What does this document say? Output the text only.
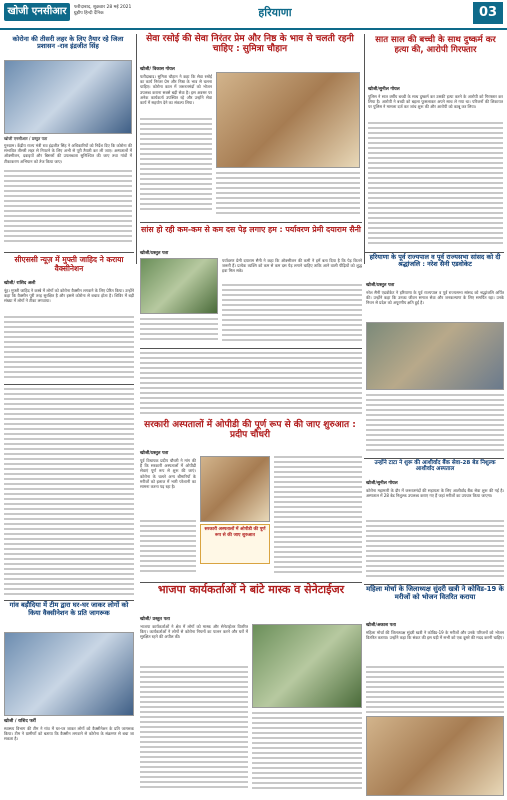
खोजी एनसीआर	फरीदाबाद, शुक्रवार 28 मई 2021
ग्रुड़ीप हिन्दी दैनिक	हरियाणा	03
कोरोना की तीसरी लहर के लिए तैयार रहे जिला प्रशासन -राव इंद्रजीत सिंह
खोजी एनसीआर / प्रस्तुत पता
गुरुग्राम। केंद्रीय राज्य मंत्री राव इंद्रजीत सिंह ने अधिकारियों को निर्देश दिए कि कोरोना की संभावित तीसरी लहर से निपटने के लिए अभी से पूरी तैयारी कर ली जाए। अस्पतालों में ऑक्सीजन, दवाइयों और बिस्तरों की उपलब्धता सुनिश्चित की जाए तथा गांवों में टीकाकरण अभियान को तेज किया जाए।
सेवा रसोई की सेवा निरंतर प्रेम और निष्ठ के भाव से चलती रहनी चाहिए : सुमित्रा चौहान
खोजी/ विकास गोयल
फरीदाबाद। सुमित्रा चौहान ने कहा कि सेवा रसोई का कार्य निरंतर प्रेम और निष्ठा के भाव से चलना चाहिए। कोरोना काल में जरूरतमंदों को भोजन उपलब्ध कराना सबसे बड़ी सेवा है। इस अवसर पर अनेक कार्यकर्ता उपस्थित रहे और उन्होंने सेवा कार्य में सहयोग देने का संकल्प लिया।
सात साल की बच्ची के साथ दुष्कर्म कर हत्या की, आरोपी गिरफ्तार
खोजी/सुनील गोयल
पुलिस ने सात वर्षीय बच्ची के साथ दुष्कर्म कर उसकी हत्या करने के आरोपी को गिरफ्तार कर लिया है। आरोपी ने बच्ची को बहला फुसलाकर अपने साथ ले गया था। परिजनों की शिकायत पर पुलिस ने मामला दर्ज कर जांच शुरू की और आरोपी को काबू कर लिया।
सांस हो रही कम-कम से कम दस पेड़ लगाए हम : पर्यावरण प्रेमी दयाराम सैनी
खोजी/प्रस्तुत पता
पर्यावरण प्रेमी दयाराम सैनी ने कहा कि ऑक्सीजन की कमी ने हमें बता दिया है कि पेड़ कितने जरूरी हैं। प्रत्येक व्यक्ति को कम से कम दस पेड़ लगाने चाहिए ताकि आने वाली पीढ़ियों को शुद्ध हवा मिल सके।
हरियाणा के पूर्व राज्यपाल व पूर्व राज्यसभा सांसद को दी श्रद्धांजलि : नरेश सैनी एडवोकेट
खोजी/प्रस्तुत पता
नरेश सैनी एडवोकेट ने हरियाणा के पूर्व राज्यपाल व पूर्व राज्यसभा सांसद को श्रद्धांजलि अर्पित की। उन्होंने कहा कि उनका जीवन समाज सेवा और जनकल्याण के लिए समर्पित रहा। उनके निधन से प्रदेश को अपूरणीय क्षति हुई है।
सीएससी न्यूज़ में मुफ्ती जाहिद ने कराया वैक्सीनेशन
खोजी/ राशिद अली
नूंह। मुफ्ती जाहिद ने कस्बे में लोगों को कोरोना वैक्सीन लगवाने के लिए प्रेरित किया। उन्होंने कहा कि वैक्सीन पूरी तरह सुरक्षित है और इससे कोरोना से बचाव होता है। शिविर में बड़ी संख्या में लोगों ने टीका लगवाया।
उन्होंने टाटा ने शुरू की आशीर्वाद बैंक सेवा-28 बेड निशुल्क आशीर्वाद अस्पताल
खोजी/सुनील गोयल
कोरोना महामारी के दौर में जरूरतमंदों की सहायता के लिए आशीर्वाद बैंक सेवा शुरू की गई है। अस्पताल में 28 बेड निशुल्क उपलब्ध कराए गए हैं जहां मरीजों का उपचार किया जाएगा।
सरकारी अस्पतालों में ओपीडी की पूर्ण रूप से की जाए शुरुआत : प्रदीप चौधरी
खोजी/प्रस्तुत पता
पूर्व विधायक प्रदीप चौधरी ने मांग की है कि सरकारी अस्पतालों में ओपीडी सेवाएं पूर्ण रूप से शुरू की जाएं। कोरोना के चलते अन्य बीमारियों के मरीजों को इलाज में भारी परेशानी का सामना करना पड़ रहा है।
सरकारी अस्पतालों में ओपीडी की पूर्ण रूप से की जाए शुरुआत
गांव बड़ौदिया में टीम द्वारा घर-घर जाकर लोगों को किया वैक्सीनेशन के प्रति जागरूक
खोजी / राशिद फर्री
स्वास्थ्य विभाग की टीम ने गांव में घर-घर जाकर लोगों को वैक्सीनेशन के प्रति जागरूक किया। टीम ने ग्रामीणों को बताया कि वैक्सीन लगवाने से कोरोना के संक्रमण से बचा जा सकता है।
भाजपा कार्यकर्ताओं ने बांटे मास्क व सेनेटाईजर
खोजी/ प्रस्तुत पता
भाजपा कार्यकर्ताओं ने क्षेत्र में लोगों को मास्क और सेनेटाईजर वितरित किए। कार्यकर्ताओं ने लोगों से कोरोना नियमों का पालन करने और घरों में सुरक्षित रहने की अपील की।
महिला मोर्चा के जिलाध्यक्ष सुंदरी खत्री ने कोविड-19 के मरीजों को भोजन वितरित कराया
खोजी/अकाश पता
महिला मोर्चा की जिलाध्यक्ष सुंदरी खत्री ने कोविड-19 के मरीजों और उनके परिजनों को भोजन वितरित कराया। उन्होंने कहा कि संकट की इस घड़ी में सभी को एक दूसरे की मदद करनी चाहिए।
